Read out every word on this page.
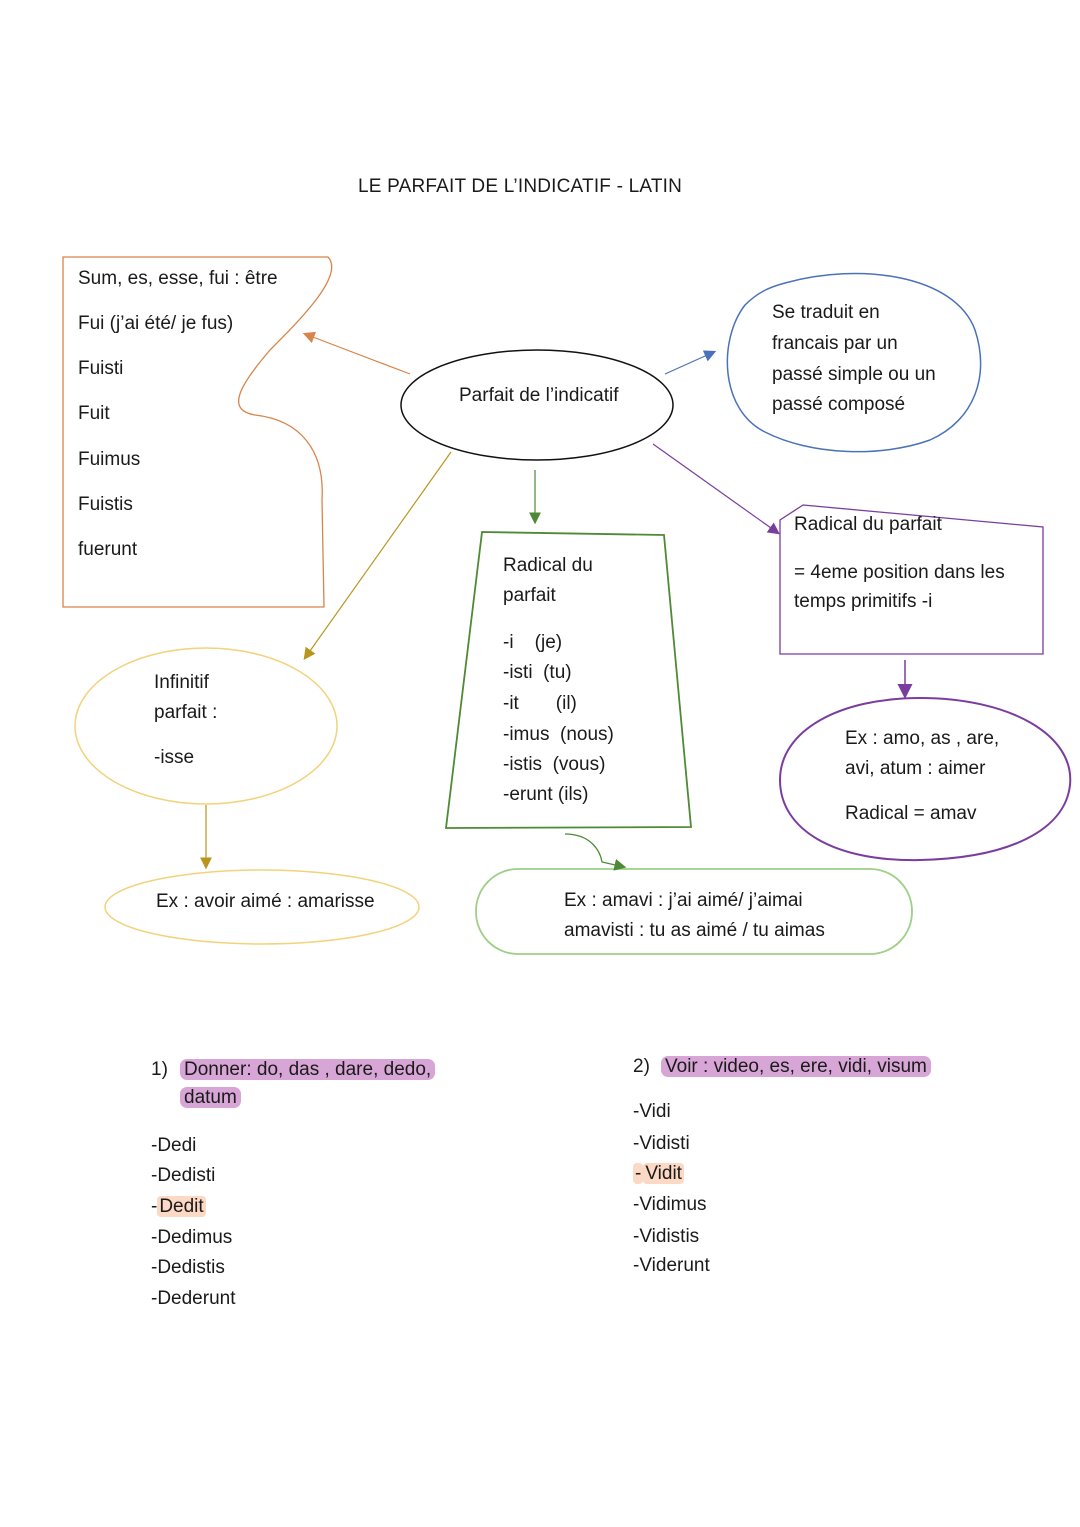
LE PARFAIT DE L’INDICATIF - LATIN
Parfait de l’indicatif
Sum, es, esse, fui : être
Fui (j’ai été/ je fus)
Fuisti
Fuit
Fuimus
Fuistis
fuerunt
Se traduit en
francais par un
passé simple ou un
passé composé
Radical du
parfait
-i    (je)
-isti  (tu)
-it       (il)
-imus  (nous)
-istis  (vous)
-erunt (ils)
Radical du parfait
= 4eme position dans les
temps primitifs -i
Infinitif
parfait :
-isse
Ex : avoir aimé : amarisse	Ex : amavi : j’ai aimé/ j’aimai
amavisti : tu as aimé / tu aimas
Ex : amo, as , are,
avi, atum : aimer
Radical = amav
1) Donner: do, das , dare, dedo,
datum
-Dedi
-Dedisti
- Dedit
-Dedimus
-Dedistis
-Dederunt
2) Voir : video, es, ere, vidi, visum
-Vidi
-Vidisti
- Vidit
-Vidimus
-Vidistis
-Viderunt
